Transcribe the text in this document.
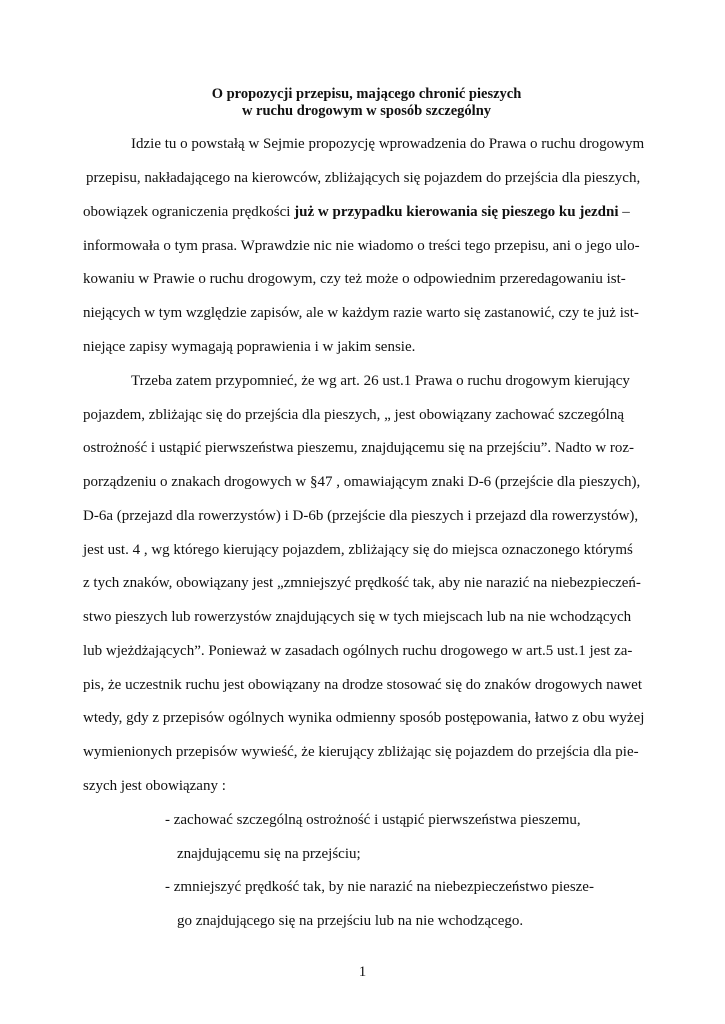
O propozycji przepisu, mającego chronić pieszych
w ruchu drogowym w sposób szczególny
Idzie tu o powstałą w Sejmie propozycję wprowadzenia do Prawa o ruchu drogowym
przepisu, nakładającego na kierowców, zbliżających się pojazdem do przejścia dla pieszych,
obowiązek ograniczenia prędkości już w przypadku kierowania się pieszego ku jezdni –
informowała o tym prasa. Wprawdzie nic nie wiadomo o treści tego przepisu, ani o jego ulo-
kowaniu w Prawie o ruchu drogowym, czy też może o odpowiednim przeredagowaniu ist-
niejących w tym względzie zapisów, ale w każdym razie warto się zastanowić, czy te już ist-
niejące zapisy wymagają poprawienia i w jakim sensie.
Trzeba zatem przypomnieć, że wg art. 26 ust.1 Prawa o ruchu drogowym kierujący
pojazdem, zbliżając się do przejścia dla pieszych, „ jest obowiązany zachować szczególną
ostrożność i ustąpić pierwszeństwa pieszemu, znajdującemu się na przejściu”. Nadto w roz-
porządzeniu o znakach drogowych w §47 , omawiającym znaki D-6 (przejście dla pieszych),
D-6a (przejazd dla rowerzystów) i D-6b (przejście dla pieszych i przejazd dla rowerzystów),
jest ust. 4 , wg którego kierujący pojazdem, zbliżający się do miejsca oznaczonego którymś
z tych znaków, obowiązany jest „zmniejszyć prędkość tak, aby nie narazić na niebezpieczeń-
stwo pieszych lub rowerzystów znajdujących się w tych miejscach lub na nie wchodzących
lub wjeżdżających”. Ponieważ w zasadach ogólnych ruchu drogowego w art.5 ust.1 jest za-
pis, że uczestnik ruchu jest obowiązany na drodze stosować się do znaków drogowych nawet
wtedy, gdy z przepisów ogólnych wynika odmienny sposób postępowania, łatwo z obu wyżej
wymienionych przepisów wywieść, że kierujący zbliżając się pojazdem do przejścia dla pie-
szych jest obowiązany :
- zachować szczególną ostrożność i ustąpić pierwszeństwa pieszemu,
znajdującemu się na przejściu;
- zmniejszyć prędkość tak, by nie narazić na niebezpieczeństwo piesze-
go znajdującego się na przejściu lub na nie wchodzącego.
1
